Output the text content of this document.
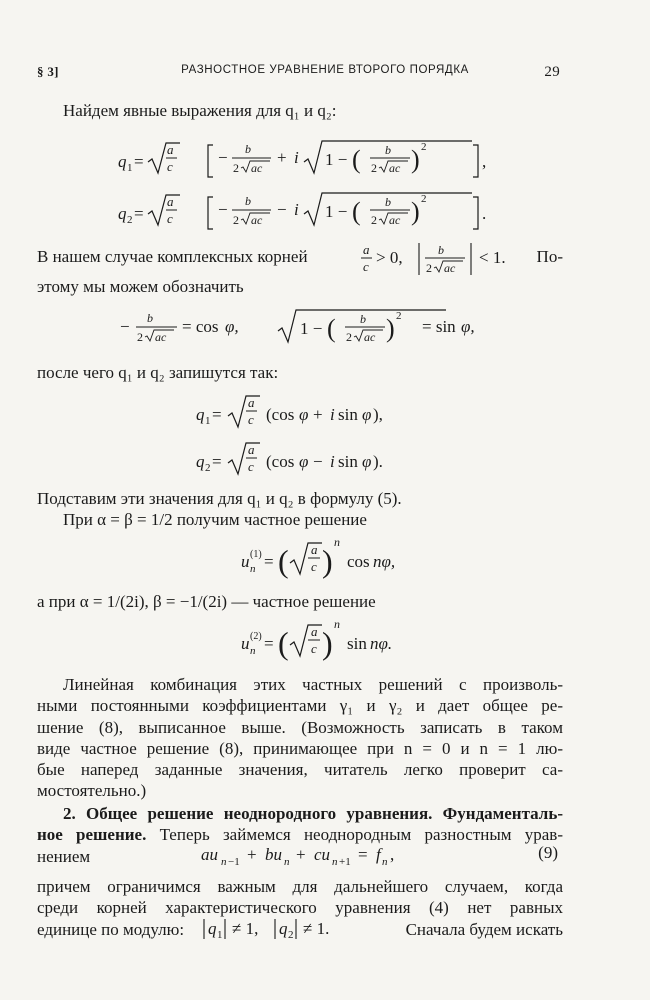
§ 3]	РАЗНОСТНОЕ УРАВНЕНИЕ ВТОРОГО ПОРЯДКА	29
Найдем явные выражения для q₁ и q₂:
q 1 =
a
c	− b
2 ac
+ i 1 − ( b
2 ac ) 2
,
q 2 =
a
c	− b
2 ac
− i 1 − ( b
2 ac ) 2
.
В нашем случае комплексных корней	a
c > 0,	b
2 ac
< 1. По-
этому мы можем обозначить
− b
2 ac
= cos φ,	1 − ( b
2 ac ) 2
= sin φ,
после чего q₁ и q₂ запишутся так:
q 1 =
a
c (cos φ + i sin φ ),
q 2 =
a
c (cos φ − i sin φ ).
Подставим эти значения для q₁ и q₂ в формулу (5).
При α = β = 1/2 получим частное решение
u (1)
n = ( a
c )
n
cos nφ,
а при α = 1/(2i), β = −1/(2i) — частное решение
u (2)
n = ( a
c )
n
sin nφ.
Линейная комбинация этих частных решений с произволь-
ными постоянными коэффициентами γ₁ и γ₂ и дает общее ре-
шение (8), выписанное выше. (Возможность записать в таком
виде частное решение (8), принимающее при n = 0 и n = 1 лю-
бые наперед заданные значения, читатель легко проверит са-
мостоятельно.)
2. Общее решение неоднородного уравнения. Фундаменталь-
ное решение. Теперь займемся неоднородным разностным урав-
нением	au n −1 + bu n + cu n +1 = f n ,	(9)
причем ограничимся важным для дальнейшего случаем, когда
среди корней характеристического уравнения (4) нет равных
единице по модулю: q 1 ≠ 1, q 2 ≠ 1.	Сначала будем искать
